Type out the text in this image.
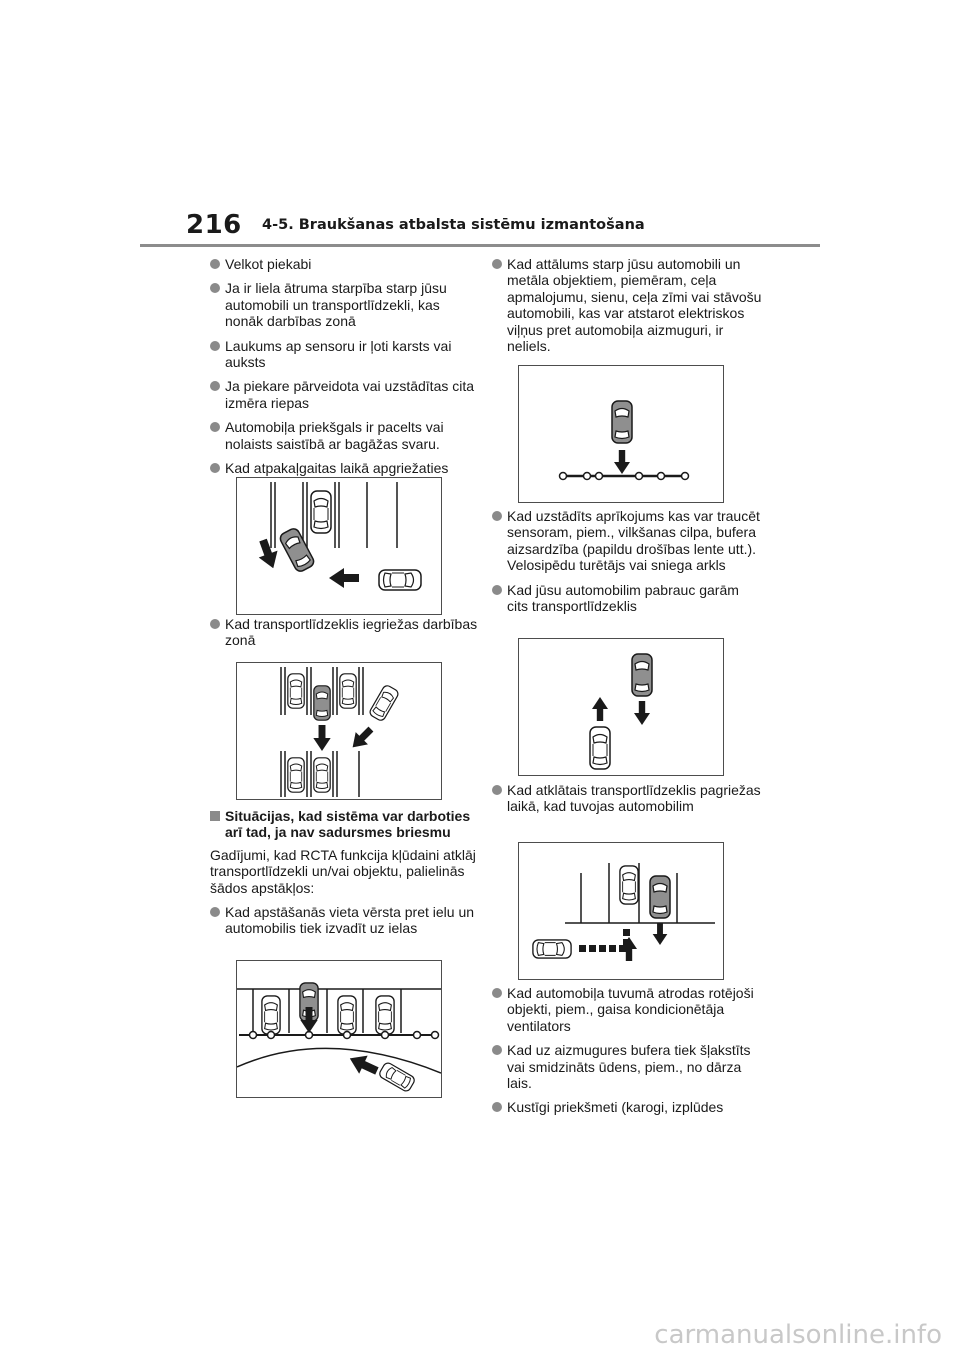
216 4-5. Braukšanas atbalsta sistēmu izmantošana
Velkot piekabi
Ja ir liela ātruma starpība starp jūsu automobili un transportlīdzekli, kas nonāk darbības zonā
Laukums ap sensoru ir ļoti karsts vai auksts
Ja piekare pārveidota vai uzstādītas cita izmēra riepas
Automobiļa priekšgals ir pacelts vai nolaists saistībā ar bagāžas svaru.
Kad atpakaļgaitas laikā apgriežaties
Kad transportlīdzeklis iegriežas darbības zonā
Situācijas, kad sistēma var darboties arī tad, ja nav sadursmes briesmu
Gadījumi, kad RCTA funkcija kļūdaini atklāj transportlīdzekli un/vai objektu, palielinās šādos apstākļos:
Kad apstāšanās vieta vērsta pret ielu un automobilis tiek izvadīt uz ielas
Kad attālums starp jūsu automobili un metāla objektiem, piemēram, ceļa apmalojumu, sienu, ceļa zīmi vai stāvošu automobili, kas var atstarot elektriskos viļņus pret automobiļa aizmuguri, ir neliels.
Kad uzstādīts aprīkojums kas var traucēt sensoram, piem., vilkšanas cilpa, bufera aizsardzība (papildu drošības lente utt.). Velosipēdu turētājs vai sniega arkls
Kad jūsu automobilim pabrauc garām cits transportlīdzeklis
Kad atklātais transportlīdzeklis pagriežas laikā, kad tuvojas automobilim
Kad automobiļa tuvumā atrodas rotējoši objekti, piem., gaisa kondicionētāja ventilators
Kad uz aizmugures bufera tiek šļakstīts vai smidzināts ūdens, piem., no dārza lais.
Kustīgi priekšmeti (karogi, izplūdes
carmanualsonline.info
